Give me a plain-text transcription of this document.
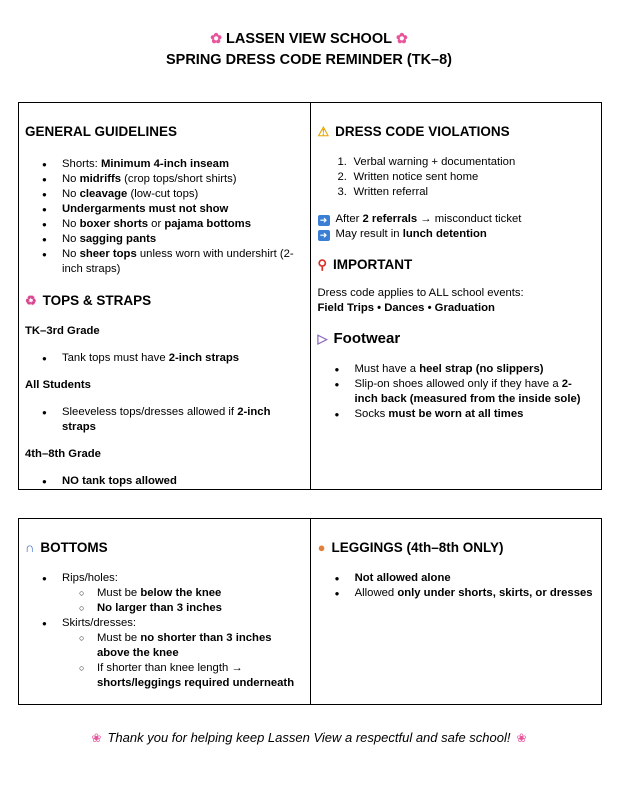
✿ LASSEN VIEW SCHOOL ✿
SPRING DRESS CODE REMINDER (TK–8)
GENERAL GUIDELINES
● Shorts: Minimum 4-inch inseam
● No midriffs (crop tops/short shirts)
● No cleavage (low-cut tops)
● Undergarments must not show
● No boxer shorts or pajama bottoms
● No sagging pants
● No sheer tops unless worn with undershirt (2-inch straps)
♻ TOPS & STRAPS
TK–3rd Grade
● Tank tops must have 2-inch straps
All Students
● Sleeveless tops/dresses allowed if 2-inch straps
4th–8th Grade
● NO tank tops allowed

⚠ DRESS CODE VIOLATIONS
1. Verbal warning + documentation
2. Written notice sent home
3. Written referral
➜ After 2 referrals → misconduct ticket
➜ May result in lunch detention
⚲ IMPORTANT
Dress code applies to ALL school events:
Field Trips • Dances • Graduation
▷ Footwear
● Must have a heel strap (no slippers)
● Slip-on shoes allowed only if they have a 2-inch back (measured from the inside sole)
● Socks must be worn at all times
∩ BOTTOMS
● Rips/holes:
○ Must be below the knee
○ No larger than 3 inches
● Skirts/dresses:
○ Must be no shorter than 3 inches above the knee
○ If shorter than knee length → shorts/leggings required underneath

● LEGGINGS (4th–8th ONLY)
● Not allowed alone
● Allowed only under shorts, skirts, or dresses
❀ Thank you for helping keep Lassen View a respectful and safe school! ❀
